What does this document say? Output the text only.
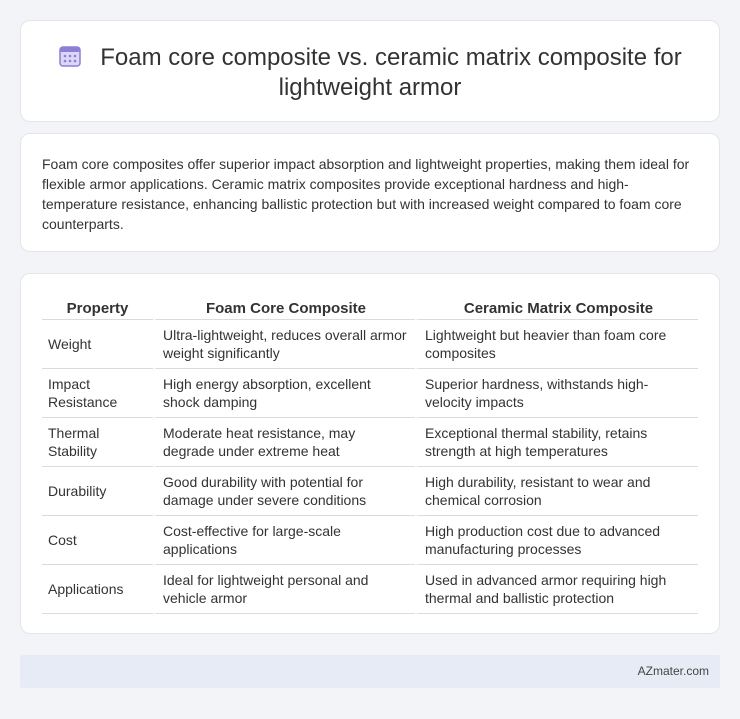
Foam core composite vs. ceramic matrix composite for
lightweight armor

Foam core composites offer superior impact absorption and lightweight properties, making them ideal for flexible armor applications. Ceramic matrix composites provide exceptional hardness and high-temperature resistance, enhancing ballistic protection but with increased weight compared to foam core counterparts.

Property	Foam Core Composite	Ceramic Matrix Composite
Weight	Ultra-lightweight, reduces overall armor weight significantly	Lightweight but heavier than foam core composites
Impact Resistance	High energy absorption, excellent shock damping	Superior hardness, withstands high-velocity impacts
Thermal Stability	Moderate heat resistance, may degrade under extreme heat	Exceptional thermal stability, retains strength at high temperatures
Durability	Good durability with potential for damage under severe conditions	High durability, resistant to wear and chemical corrosion
Cost	Cost-effective for large-scale applications	High production cost due to advanced manufacturing processes
Applications	Ideal for lightweight personal and vehicle armor	Used in advanced armor requiring high thermal and ballistic protection
AZmater.com
